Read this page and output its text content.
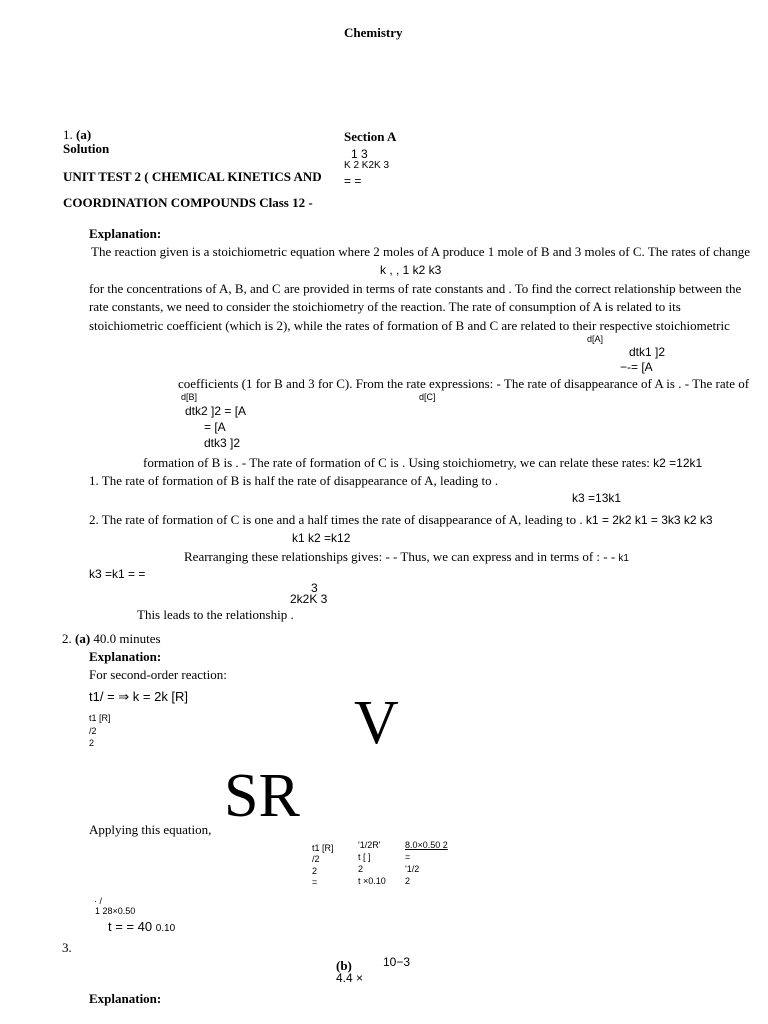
Chemistry
1. (a)
Solution
Section A
1 3
K 2 K2K 3
= =
UNIT TEST 2 ( CHEMICAL KINETICS AND
COORDINATION COMPOUNDS Class 12 -
Explanation:
The reaction given is a stoichiometric equation where 2 moles of A produce 1 mole of B and 3 moles of C. The rates of change
k , , 1 k2 k3
for the concentrations of A, B, and C are provided in terms of rate constants and . To find the correct relationship between the
rate constants, we need to consider the stoichiometry of the reaction. The rate of consumption of A is related to its
stoichiometric coefficient (which is 2), while the rates of formation of B and C are related to their respective stoichiometric
d[A]
dtk1 ]2
−-= [A
coefficients (1 for B and 3 for C). From the rate expressions: - The rate of disappearance of A is . - The rate of
d[B]	d[C]
dtk2 ]2 = [A
= [A
dtk3 ]2
formation of B is . - The rate of formation of C is . Using stoichiometry, we can relate these rates: k2 =12k1
1. The rate of formation of B is half the rate of disappearance of A, leading to .
k3 =13k1
2. The rate of formation of C is one and a half times the rate of disappearance of A, leading to . k1 = 2k2 k1 = 3k3 k2 k3
k1 k2 =k12
Rearranging these relationships gives: - - Thus, we can express and in terms of : - - k1
k3 =k1 = =
3
2k2K 3
This leads to the relationship .
2. (a) 40.0 minutes
Explanation:
For second-order reaction:
t1/ = ⇒ k = 2k [R]
t1 [R]
/2
2	V
SR
Applying this equation,
t1 [R]
/2
2
=
'1/2R'
t [ ]
2
t ×0.10
8.0×0.50 2
=
'1/2
2
· /
1 28×0.50
t = = 40 0.10
3.
(b)	10−3
4.4 ×
Explanation:
